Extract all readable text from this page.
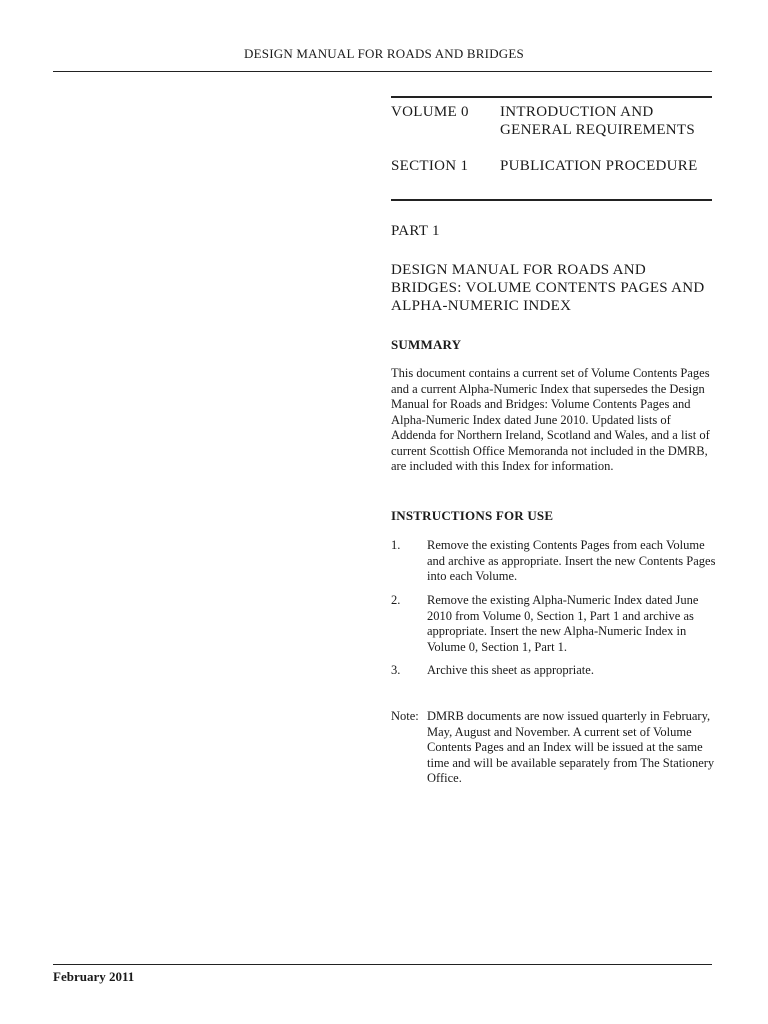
DESIGN MANUAL FOR ROADS AND BRIDGES
VOLUME 0 INTRODUCTION AND GENERAL REQUIREMENTS
SECTION 1 PUBLICATION PROCEDURE
PART 1
DESIGN MANUAL FOR ROADS AND BRIDGES: VOLUME CONTENTS PAGES AND ALPHA-NUMERIC INDEX
SUMMARY
This document contains a current set of Volume Contents Pages and a current Alpha-Numeric Index that supersedes the Design Manual for Roads and Bridges: Volume Contents Pages and Alpha-Numeric Index dated June 2010. Updated lists of Addenda for Northern Ireland, Scotland and Wales, and a list of current Scottish Office Memoranda not included in the DMRB, are included with this Index for information.
INSTRUCTIONS FOR USE
1.	Remove the existing Contents Pages from each Volume and archive as appropriate. Insert the new Contents Pages into each Volume.
2.	Remove the existing Alpha-Numeric Index dated June 2010 from Volume 0, Section 1, Part 1 and archive as appropriate. Insert the new Alpha-Numeric Index in Volume 0, Section 1, Part 1.
3.	Archive this sheet as appropriate.
Note: DMRB documents are now issued quarterly in February, May, August and November. A current set of Volume Contents Pages and an Index will be issued at the same time and will be available separately from The Stationery Office.
February 2011
